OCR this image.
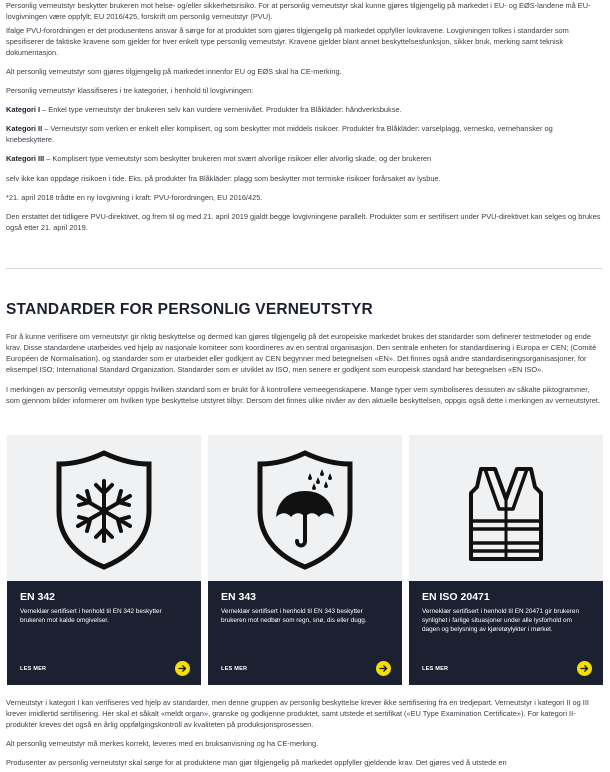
Personlig verneutstyr beskytter brukeren mot helse- og/eller sikkerhetsrisiko. For at personlig verneutstyr skal kunne gjøres tilgjengelig på markedet i EU- og EØS-landene må EU-lovgivningen være oppfylt; EU 2016/425, forskrift om personlig verneutstyr (PVU).

Ifalge PVU-forordningen er det produsentens ansvar å sørge for at produktet som gjøres tilgjengelig på markedet oppfyller lovkravene. Lovgivningen tolkes i standarder som spesifiserer de faktiske kravene som gjelder for hver enkelt type personlig verneutstyr. Kravene gjelder blant annet beskyttelsesfunksjon, sikker bruk, merking samt teknisk dokumentasjon.

Alt personlig verneutstyr som gjøres tilgjengelig på markedet innenfor EU og EØS skal ha CE-merking.

Personlig verneutstyr klassifiseres i tre kategorier, i henhold til lovgivningen:

Kategori I – Enkel type verneutstyr der brukeren selv kan vurdere vernenivået. Produkter fra Blåkläder: håndverksbukse.

Kategori II – Verneutstyr som verken er enkelt eller komplisert, og som beskytter mot middels risikoer. Produkter fra Blåkläder: varselplagg, vernesko, vernehansker og knebeskyttere.

Kategori III – Komplisert type verneutstyr som beskytter brukeren mot svært alvorlige risikoer eller alvorlig skade, og der brukeren

selv ikke kan oppdage risikoen i tide. Eks. på produkter fra Blåkläder: plagg som beskytter mot termiske risikoer forårsaket av lysbue.

*21. april 2018 trådte en ny lovgivning i kraft: PVU-forordningen, EU 2016/425.

Den erstattet det tidligere PVU-direktivet, og frem til og med 21. april 2019 gjaldt begge lovgivningene parallelt. Produkter som er sertifisert under PVU-direktivet kan selges og brukes også etter 21. april 2019.

STANDARDER FOR PERSONLIG VERNEUTSTYR

For å kunne verifisere om verneutstyr gir riktig beskyttelse og dermed kan gjøres tilgjengelig på det europeiske markedet brukes det standarder som definerer testmetoder og ende krav. Disse standardene utarbeides ved hjelp av nasjonale komiteer som koordineres av en sentral organisasjon. Den sentrale enheten for standardisering i Europa er CEN; (Comité Européen de Normalisation), og standarder som er utarbeidet eller godkjent av CEN begynner med betegnelsen «EN». Det finnes også andre standardiseringsorganisasjoner, for eksempel ISO; International Standard Organization. Standarder som er utviklet av ISO, men senere er godkjent som europeisk standard har betegnelsen «EN ISO».

I merkingen av personlig verneutstyr oppgis hvilken standard som er brukt for å kontrollere verneegenskapene. Mange typer vern symboliseres dessuten av såkalte piktogrammer, som gjennom bilder informerer om hvilken type beskyttelse utstyret tilbyr. Dersom det finnes ulike nivåer av den aktuelle beskyttelsen, oppgis også dette i merkingen av verneutstyret.

EN 342
Verneklær sertifisert i henhold til EN 342 beskytter brukeren mot kalde omgivelser.
LES MER
EN 343
Verneklær sertifisert i henhold til EN 343 beskytter brukeren mot nedbør som regn, snø, dis eller dugg.
LES MER
EN ISO 20471
Verneklær sertifisert i henhold til EN 20471 gir brukeren synlighet i farlige situasjoner under alle lysforhold om dagen og belysning av kjøretøylykter i mørket.
LES MER

Verneutstyr i kategori I kan verifiseres ved hjelp av standarder, men denne gruppen av personlig beskyttelse krever ikke sertifisering fra en tredjepart. Verneutstyr i kategori II og III krever imidlertid sertifisering. Her skal et såkalt «meldt organ», granske og godkjenne produktet, samt utstede et sertifikat («EU Type Examination Certificate»). For kategori II-produkter kreves det også en årlig oppfølgingskontroll av kvaliteten på produksjonsprosessen.

Alt personlig verneutstyr må merkes korrekt, leveres med en bruksanvisning og ha CE-merking.

Produsenter av personlig verneutstyr skal sørge for at produktene man gjør tilgjengelig på markedet oppfyller gjeldende krav. Det gjøres ved å utstede en
